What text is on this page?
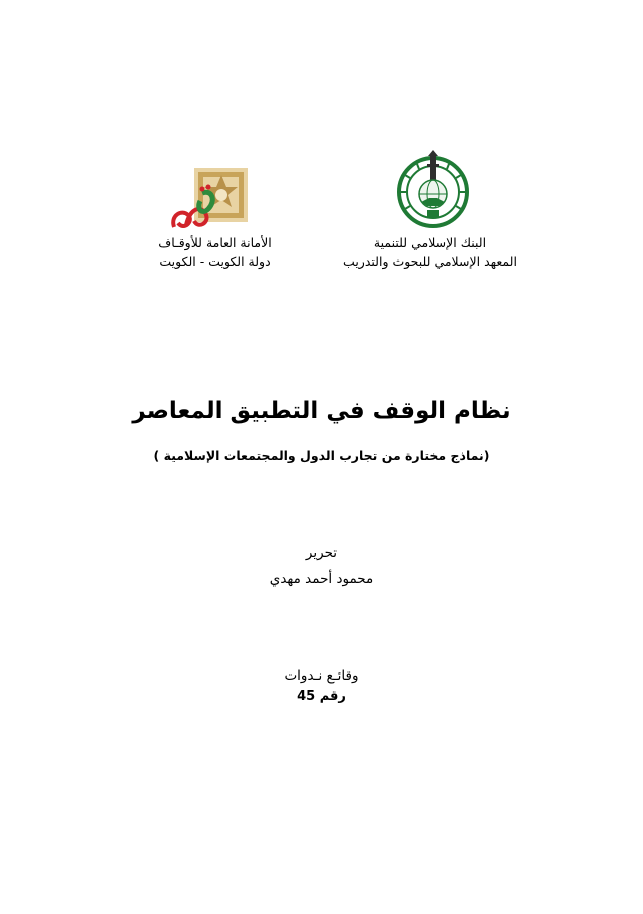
الأمانة العامة للأوقـاف
دولة الكويت - الكويت
البنك الإسلامي للتنمية
المعهد الإسلامي للبحوث والتدريب
نظام الوقف في التطبيق المعاصر
(نماذج مختارة من تجارب الدول والمجتمعات الإسلامية )
تحرير
محمود أحمد مهدي
وقائـع نـدوات
رقم 45
